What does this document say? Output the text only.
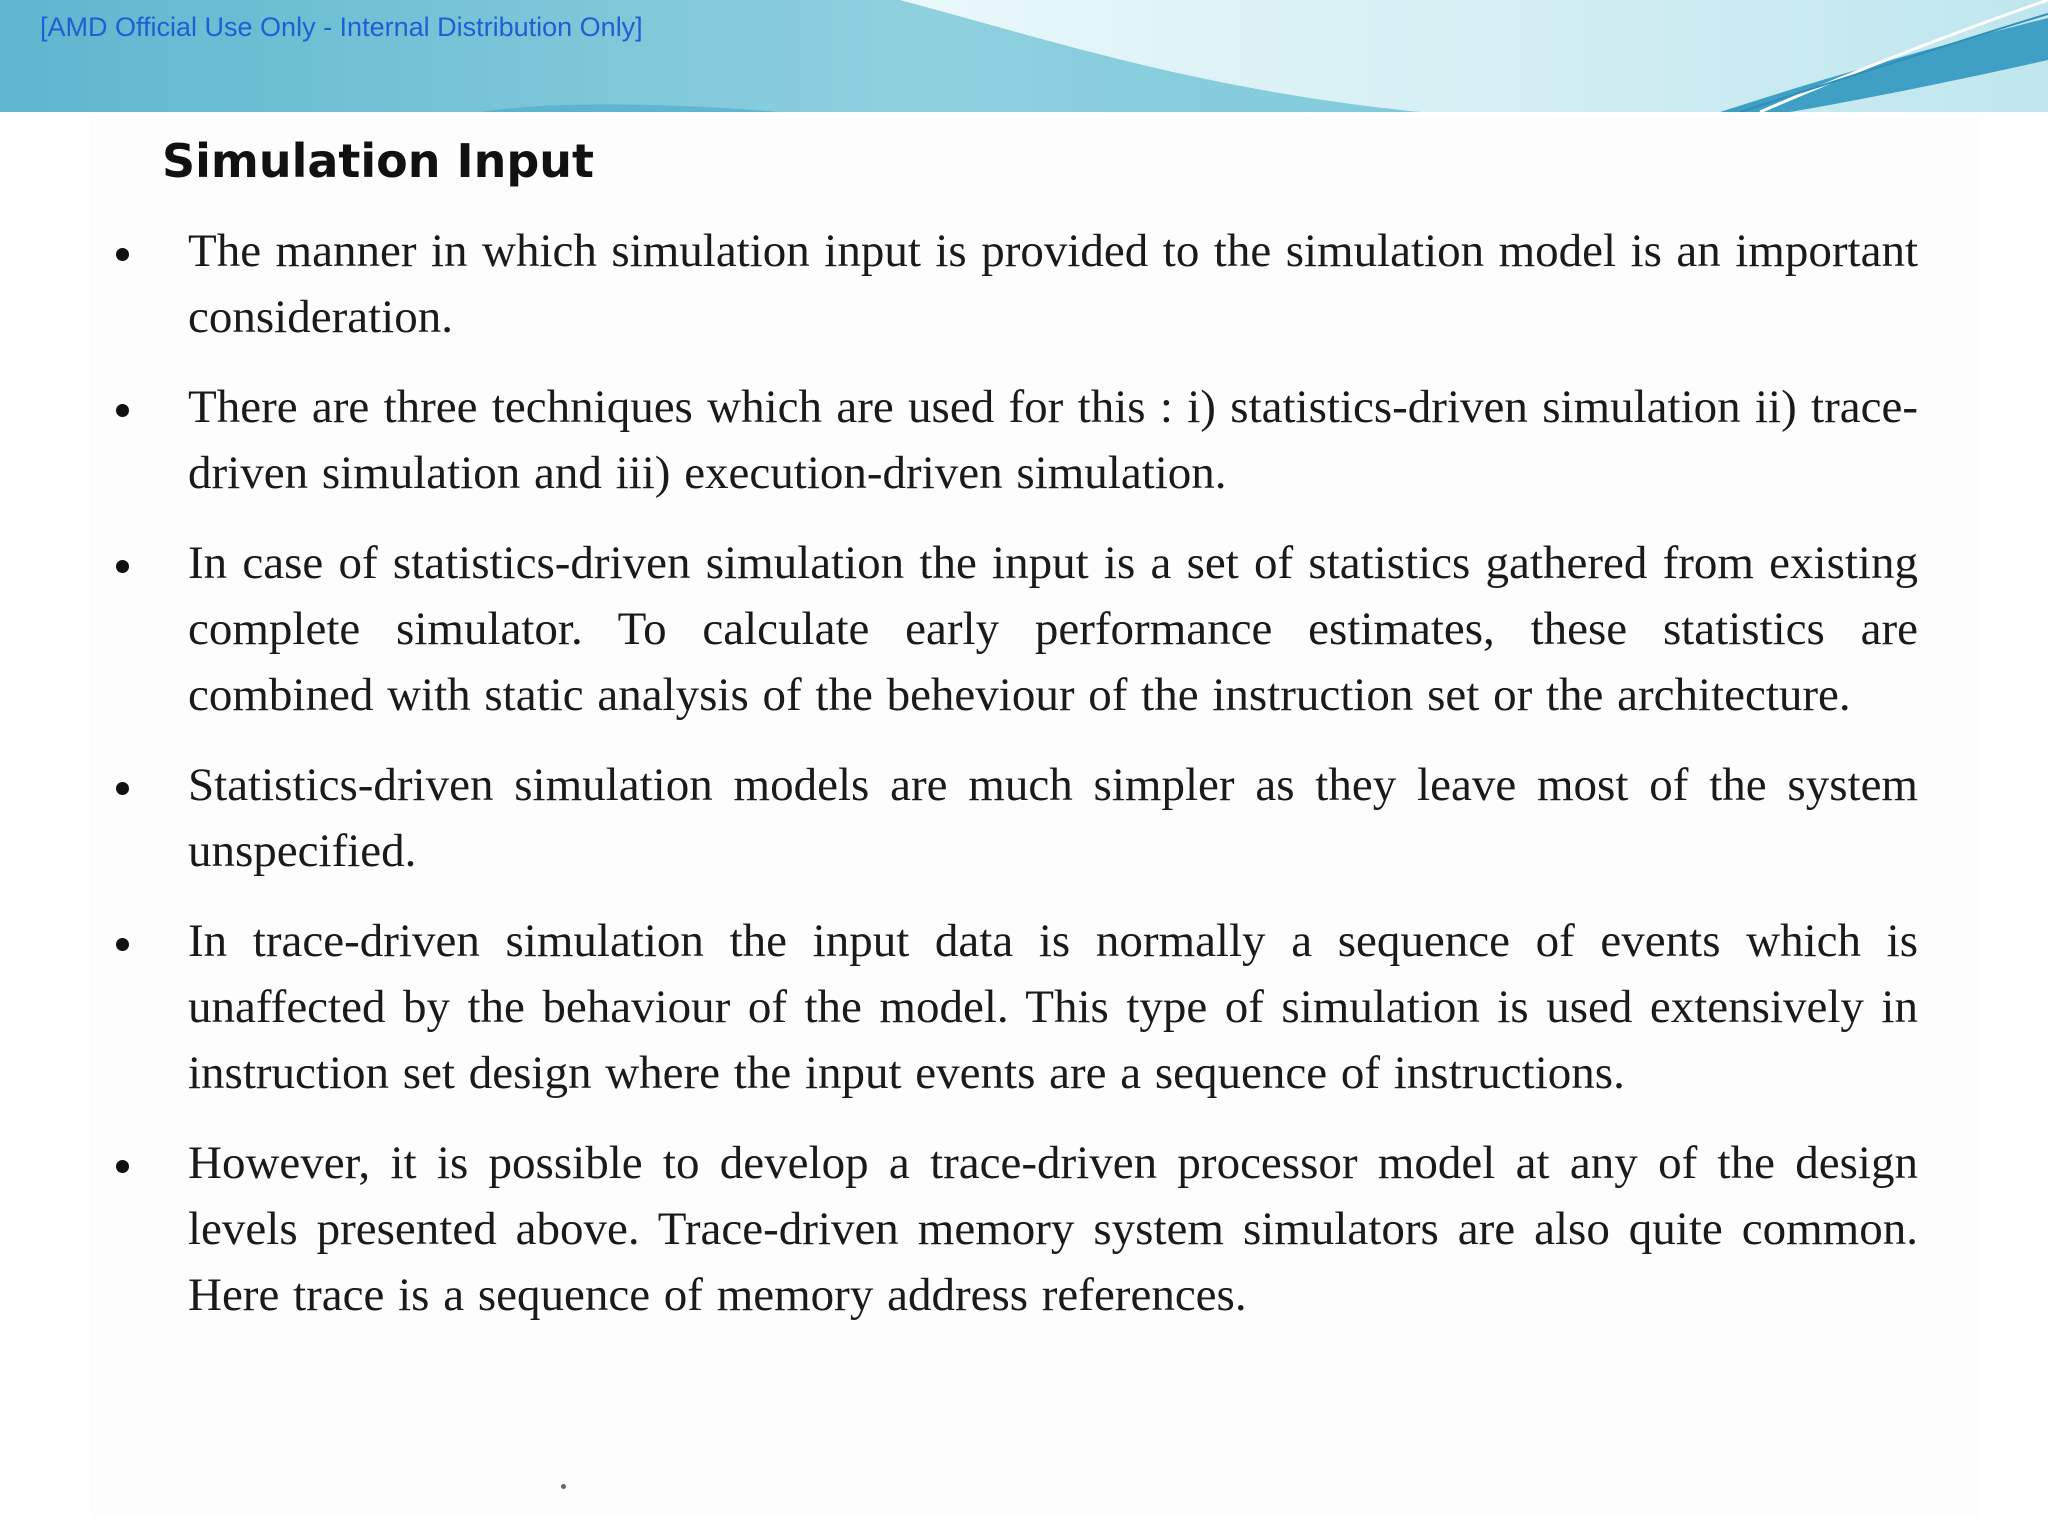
[AMD Official Use Only - Internal Distribution Only]
Simulation Input
The manner in which simulation input is provided to the simulation model is an important consideration.
There are three techniques which are used for this : i) statistics-driven simulation ii) trace-driven simulation and iii) execution-driven simulation.
In case of statistics-driven simulation the input is a set of statistics gathered from existing complete simulator. To calculate early performance estimates, these statistics are combined with static analysis of the beheviour of the instruction set or the architecture.
Statistics-driven simulation models are much simpler as they leave most of the system unspecified.
In trace-driven simulation the input data is normally a sequence of events which is unaffected by the behaviour of the model. This type of simulation is used extensively in instruction set design where the input events are a sequence of instructions.
However, it is possible to develop a trace-driven processor model at any of the design levels presented above. Trace-driven memory system simulators are also quite common. Here trace is a sequence of memory address references.
